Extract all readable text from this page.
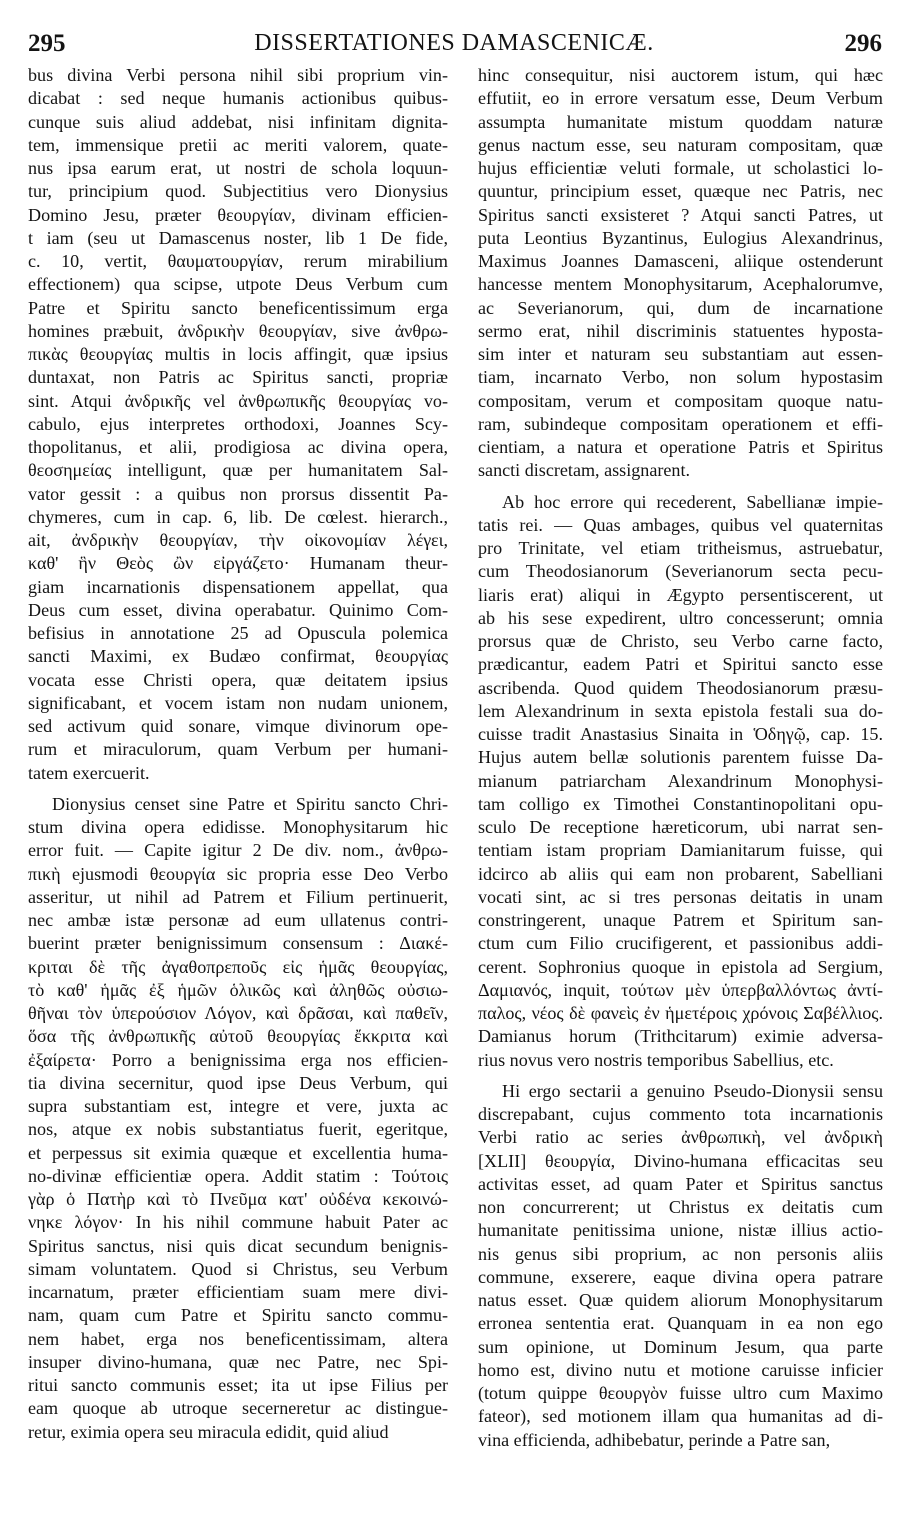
295	DISSERTATIONES DAMASCENICÆ.	296
bus divina Verbi persona nihil sibi proprium vin-
dicabat : sed neque humanis actionibus quibus-
cunque suis aliud addebat, nisi infinitam dignita-
tem, immensique pretii ac meriti valorem, quate-
nus ipsa earum erat, ut nostri de schola loquun-
tur, principium quod. Subjectitius vero Dionysius
Domino Jesu, præter θεουργίαν, divinam efficien-
t iam (seu ut Damascenus noster, lib 1 De fide,
c. 10, vertit, θαυματουργίαν, rerum mirabilium
effectionem) qua scipse, utpote Deus Verbum cum
Patre et Spiritu sancto beneficentissimum erga
homines præbuit, ἀνδρικὴν θεουργίαν, sive ἀνθρω-
πικὰς θεουργίας multis in locis affingit, quæ ipsius
duntaxat, non Patris ac Spiritus sancti, propriæ
sint. Atqui ἀνδρικῆς vel ἀνθρωπικῆς θεουργίας vo-
cabulo, ejus interpretes orthodoxi, Joannes Scy-
thopolitanus, et alii, prodigiosa ac divina opera,
θεοσημείας intelligunt, quæ per humanitatem Sal-
vator gessit : a quibus non prorsus dissentit Pa-
chymeres, cum in cap. 6, lib. De cœlest. hierarch.,
ait, ἀνδρικὴν θεουργίαν, τὴν οἰκονομίαν λέγει,
καθ' ἣν Θεὸς ὢν εἰργάζετο· Humanam theur-
giam incarnationis dispensationem appellat, qua
Deus cum esset, divina operabatur. Quinimo Com-
befisius in annotatione 25 ad Opuscula polemica
sancti Maximi, ex Budæo confirmat, θεουργίας
vocata esse Christi opera, quæ deitatem ipsius
significabant, et vocem istam non nudam unionem,
sed activum quid sonare, vimque divinorum ope-
rum et miraculorum, quam Verbum per humani-
tatem exercuerit.
Dionysius censet sine Patre et Spiritu sancto Chri-
stum divina opera edidisse. Monophysitarum hic
error fuit. — Capite igitur 2 De div. nom., ἀνθρω-
πικὴ ejusmodi θεουργία sic propria esse Deo Verbo
asseritur, ut nihil ad Patrem et Filium pertinuerit,
nec ambæ istæ personæ ad eum ullatenus contri-
buerint præter benignissimum consensum : Διακέ-
κριται δὲ τῆς ἀγαθοπρεποῦς εἰς ἡμᾶς θεουργίας,
τὸ καθ' ἡμᾶς ἐξ ἡμῶν ὁλικῶς καὶ ἀληθῶς οὐσιω-
θῆναι τὸν ὑπερούσιον Λόγον, καὶ δρᾶσαι, καὶ παθεῖν,
ὅσα τῆς ἀνθρωπικῆς αὐτοῦ θεουργίας ἔκκριτα καὶ
ἐξαίρετα· Porro a benignissima erga nos efficien-
tia divina secernitur, quod ipse Deus Verbum, qui
supra substantiam est, integre et vere, juxta ac
nos, atque ex nobis substantiatus fuerit, egeritque,
et perpessus sit eximia quæque et excellentia huma-
no-divinæ efficientiæ opera. Addit statim : Τούτοις
γὰρ ὁ Πατὴρ καὶ τὸ Πνεῦμα κατ' οὐδένα κεκοινώ-
νηκε λόγον· In his nihil commune habuit Pater ac
Spiritus sanctus, nisi quis dicat secundum benignis-
simam voluntatem. Quod si Christus, seu Verbum
incarnatum, præter efficientiam suam mere divi-
nam, quam cum Patre et Spiritu sancto commu-
nem habet, erga nos beneficentissimam, altera
insuper divino-humana, quæ nec Patre, nec Spi-
ritui sancto communis esset; ita ut ipse Filius per
eam quoque ab utroque secerneretur ac distingue-
retur, eximia opera seu miracula edidit, quid aliud
hinc consequitur, nisi auctorem istum, qui hæc
effutiit, eo in errore versatum esse, Deum Verbum
assumpta humanitate mistum quoddam naturæ
genus nactum esse, seu naturam compositam, quæ
hujus efficientiæ veluti formale, ut scholastici lo-
quuntur, principium esset, quæque nec Patris, nec
Spiritus sancti exsisteret ? Atqui sancti Patres, ut
puta Leontius Byzantinus, Eulogius Alexandrinus,
Maximus Joannes Damasceni, aliique ostenderunt
hancesse mentem Monophysitarum, Acephalorumve,
ac Severianorum, qui, dum de incarnatione
sermo erat, nihil discriminis statuentes hyposta-
sim inter et naturam seu substantiam aut essen-
tiam, incarnato Verbo, non solum hypostasim
compositam, verum et compositam quoque natu-
ram, subindeque compositam operationem et effi-
cientiam, a natura et operatione Patris et Spiritus
sancti discretam, assignarent.
Ab hoc errore qui recederent, Sabellianæ impie-
tatis rei. — Quas ambages, quibus vel quaternitas
pro Trinitate, vel etiam tritheismus, astruebatur,
cum Theodosianorum (Severianorum secta pecu-
liaris erat) aliqui in Ægypto persentiscerent, ut
ab his sese expedirent, ultro concesserunt; omnia
prorsus quæ de Christo, seu Verbo carne facto,
prædicantur, eadem Patri et Spiritui sancto esse
ascribenda. Quod quidem Theodosianorum præsu-
lem Alexandrinum in sexta epistola festali sua do-
cuisse tradit Anastasius Sinaita in Ὁδηγῷ, cap. 15.
Hujus autem bellæ solutionis parentem fuisse Da-
mianum patriarcham Alexandrinum Monophysi-
tam colligo ex Timothei Constantinopolitani opu-
sculo De receptione hæreticorum, ubi narrat sen-
tentiam istam propriam Damianitarum fuisse, qui
idcirco ab aliis qui eam non probarent, Sabelliani
vocati sint, ac si tres personas deitatis in unam
constringerent, unaque Patrem et Spiritum san-
ctum cum Filio crucifigerent, et passionibus addi-
cerent. Sophronius quoque in epistola ad Sergium,
Δαμιανός, inquit, τούτων μὲν ὑπερβαλλόντως ἀντί-
παλος, νέος δὲ φανεὶς ἐν ἡμετέροις χρόνοις Σαβέλλιος.
Damianus horum (Trithcitarum) eximie adversa-
rius novus vero nostris temporibus Sabellius, etc.
Hi ergo sectarii a genuino Pseudo-Dionysii sensu
discrepabant, cujus commento tota incarnationis
Verbi ratio ac series ἀνθρωπικὴ, vel ἀνδρικὴ
[XLII] θεουργία, Divino-humana efficacitas seu
activitas esset, ad quam Pater et Spiritus sanctus
non concurrerent; ut Christus ex deitatis cum
humanitate penitissima unione, nistæ illius actio-
nis genus sibi proprium, ac non personis aliis
commune, exserere, eaque divina opera patrare
natus esset. Quæ quidem aliorum Monophysitarum
erronea sententia erat. Quanquam in ea non ego
sum opinione, ut Dominum Jesum, qua parte
homo est, divino nutu et motione caruisse inficier
(totum quippe θεουργὸν fuisse ultro cum Maximo
fateor), sed motionem illam qua humanitas ad di-
vina efficienda, adhibebatur, perinde a Patre san,
